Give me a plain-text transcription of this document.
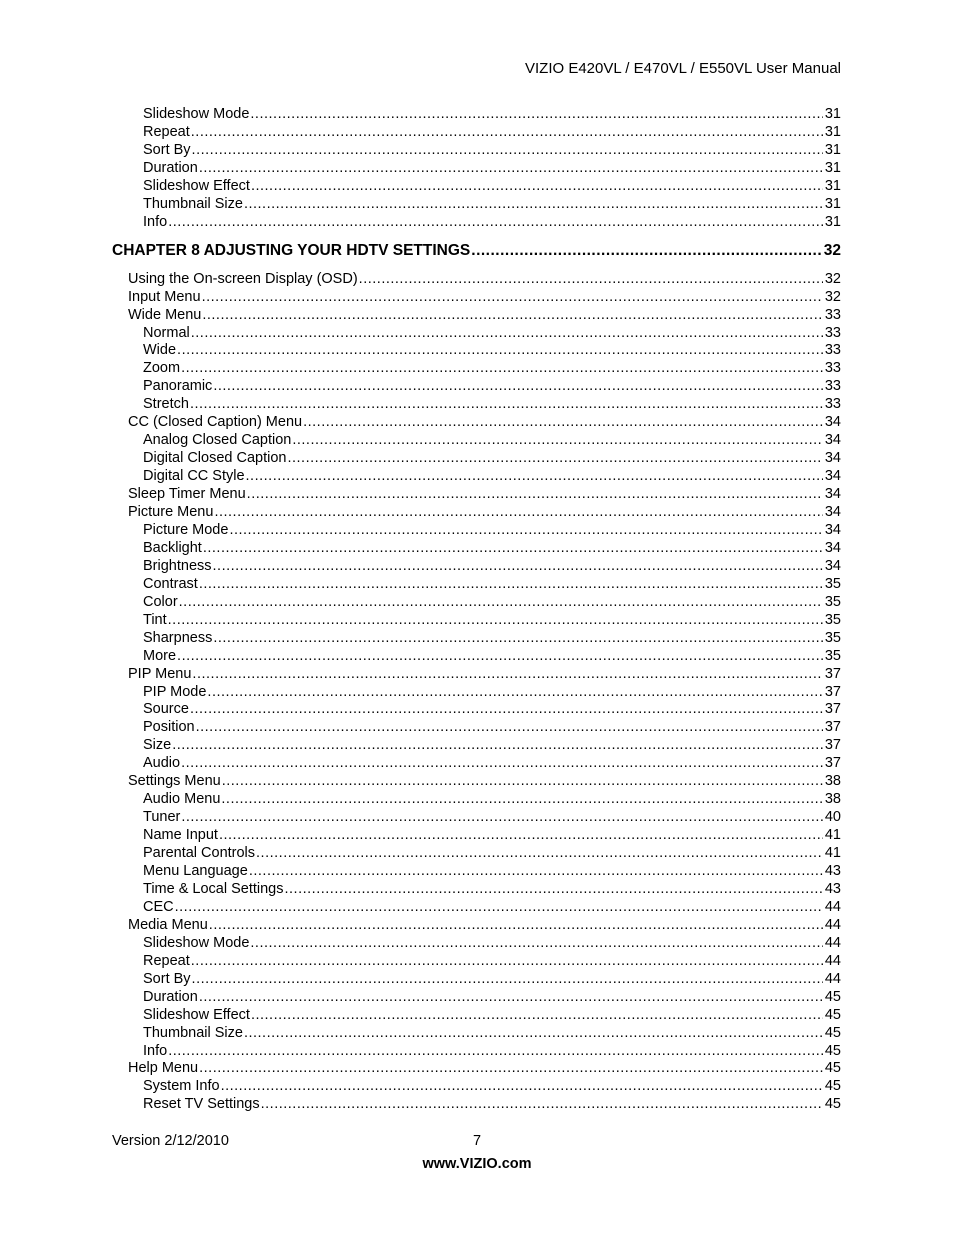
VIZIO E420VL / E470VL / E550VL User Manual
Slideshow Mode .....	31
Repeat .....	31
Sort By .....	31
Duration .....	31
Slideshow Effect .....	31
Thumbnail Size .....	31
Info .....	31
CHAPTER 8 ADJUSTING YOUR HDTV SETTINGS .....	32
Using the On-screen Display (OSD) .....	32
Input Menu .....	32
Wide Menu .....	33
Normal .....	33
Wide .....	33
Zoom .....	33
Panoramic .....	33
Stretch .....	33
CC (Closed Caption) Menu .....	34
Analog Closed Caption .....	34
Digital Closed Caption .....	34
Digital CC Style .....	34
Sleep Timer Menu .....	34
Picture Menu .....	34
Picture Mode .....	34
Backlight .....	34
Brightness .....	34
Contrast .....	35
Color .....	35
Tint .....	35
Sharpness .....	35
More .....	35
PIP Menu .....	37
PIP Mode .....	37
Source .....	37
Position .....	37
Size .....	37
Audio .....	37
Settings Menu .....	38
Audio Menu .....	38
Tuner .....	40
Name Input .....	41
Parental Controls .....	41
Menu Language .....	43
Time & Local Settings .....	43
CEC .....	44
Media Menu .....	44
Slideshow Mode .....	44
Repeat .....	44
Sort By .....	44
Duration .....	45
Slideshow Effect .....	45
Thumbnail Size .....	45
Info .....	45
Help Menu .....	45
System Info .....	45
Reset TV Settings .....	45
Version 2/12/2010	7
www.VIZIO.com
